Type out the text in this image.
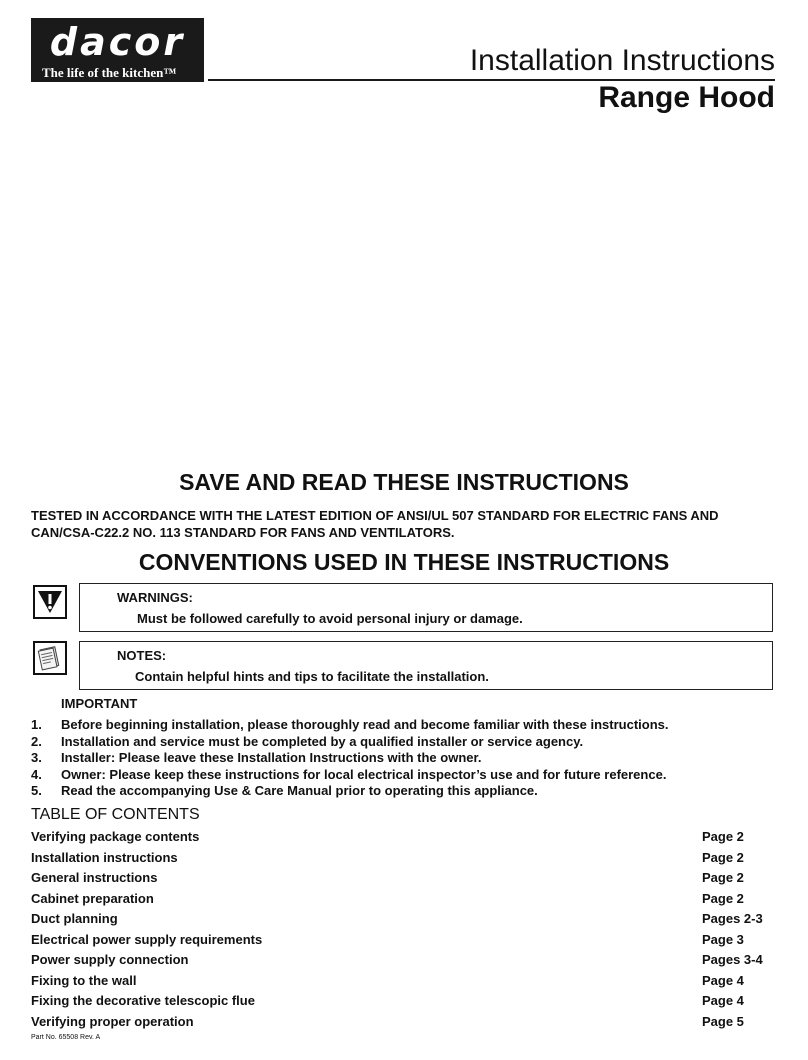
dacor
The life of the kitchen™	Installation Instructions
Range Hood
SAVE AND READ THESE INSTRUCTIONS
TESTED IN ACCORDANCE WITH THE LATEST EDITION OF ANSI/UL 507 STANDARD FOR ELECTRIC FANS AND CAN/CSA-C22.2 NO. 113 STANDARD FOR FANS AND VENTILATORS.
CONVENTIONS USED IN THESE INSTRUCTIONS
WARNINGS:
Must be followed carefully to avoid personal injury or damage.
NOTES:
Contain helpful hints and tips to facilitate the installation.
IMPORTANT
1. Before beginning installation, please thoroughly read and become familiar with these instructions.
2. Installation and service must be completed by a qualified installer or service agency.
3. Installer: Please leave these Installation Instructions with the owner.
4. Owner: Please keep these instructions for local electrical inspector’s use and for future reference.
5. Read the accompanying Use & Care Manual prior to operating this appliance.
TABLE OF CONTENTS
Verifying package contents	Page 2
Installation instructions	Page 2
General instructions	Page 2
Cabinet preparation	Page 2
Duct planning	Pages 2-3
Electrical power supply requirements	Page 3
Power supply connection	Pages 3-4
Fixing to the wall	Page 4
Fixing the decorative telescopic flue	Page 4
Verifying proper operation	Page 5
Part No. 65508 Rev. A
